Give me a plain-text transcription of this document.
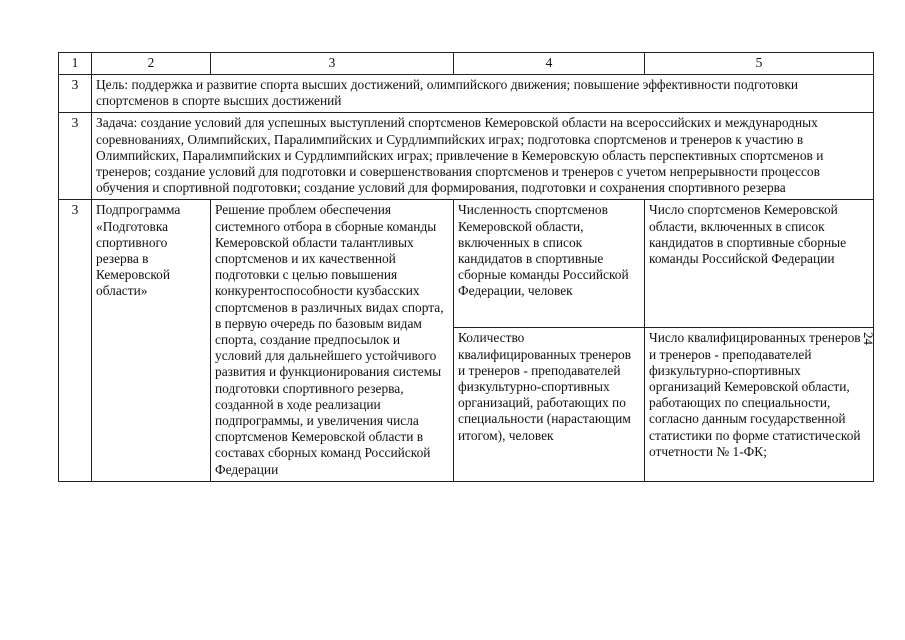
1	2	3	4	5
3	Цель: поддержка и развитие спорта высших достижений, олимпийского движения; повышение эффективности подготовки спортсменов в спорте высших достижений			
3	Задача: создание условий для успешных выступлений спортсменов Кемеровской области на всероссийских и международных соревнованиях, Олимпийских, Паралимпийских и Сурдлимпийских играх; подготовка спортсменов и тренеров к участию в Олимпийских, Паралимпийских и Сурдлимпийских играх; привлечение в Кемеровскую область перспективных спортсменов и тренеров; создание условий для подготовки и совершенствования спортсменов и тренеров с учетом непрерывности процессов обучения и спортивной подготовки; создание условий для формирования, подготовки и сохранения спортивного резерва			
3	Подпрограмма «Подготовка спортивного резерва в Кемеровской области»	Решение проблем обеспечения системного отбора в сборные команды Кемеровской области талантливых спортсменов и их качественной подготовки с целью повышения конкурентоспособности кузбасских спортсменов в различных видах спорта, в первую очередь по базовым видам спорта, создание предпосылок и условий для дальнейшего устойчивого развития и функционирования системы подготовки спортивного резерва, созданной в ходе реализации подпрограммы, и увеличения числа спортсменов Кемеровской области в составах сборных команд Российской Федерации	Численность спортсменов Кемеровской области, включенных в список кандидатов в спортивные сборные команды Российской Федерации, человек	Число спортсменов Кемеровской области, включенных в список кандидатов в спортивные сборные команды Российской Федерации
			Количество квалифицированных тренеров и тренеров - преподавателей физкультурно-спортивных организаций, работающих по специальности (нарастающим итогом), человек	Число квалифицированных тренеров и тренеров - преподавателей физкультурно-спортивных организаций Кемеровской области, работающих по специальности, согласно данным государственной статистики по форме статистической отчетности № 1-ФК;
24
